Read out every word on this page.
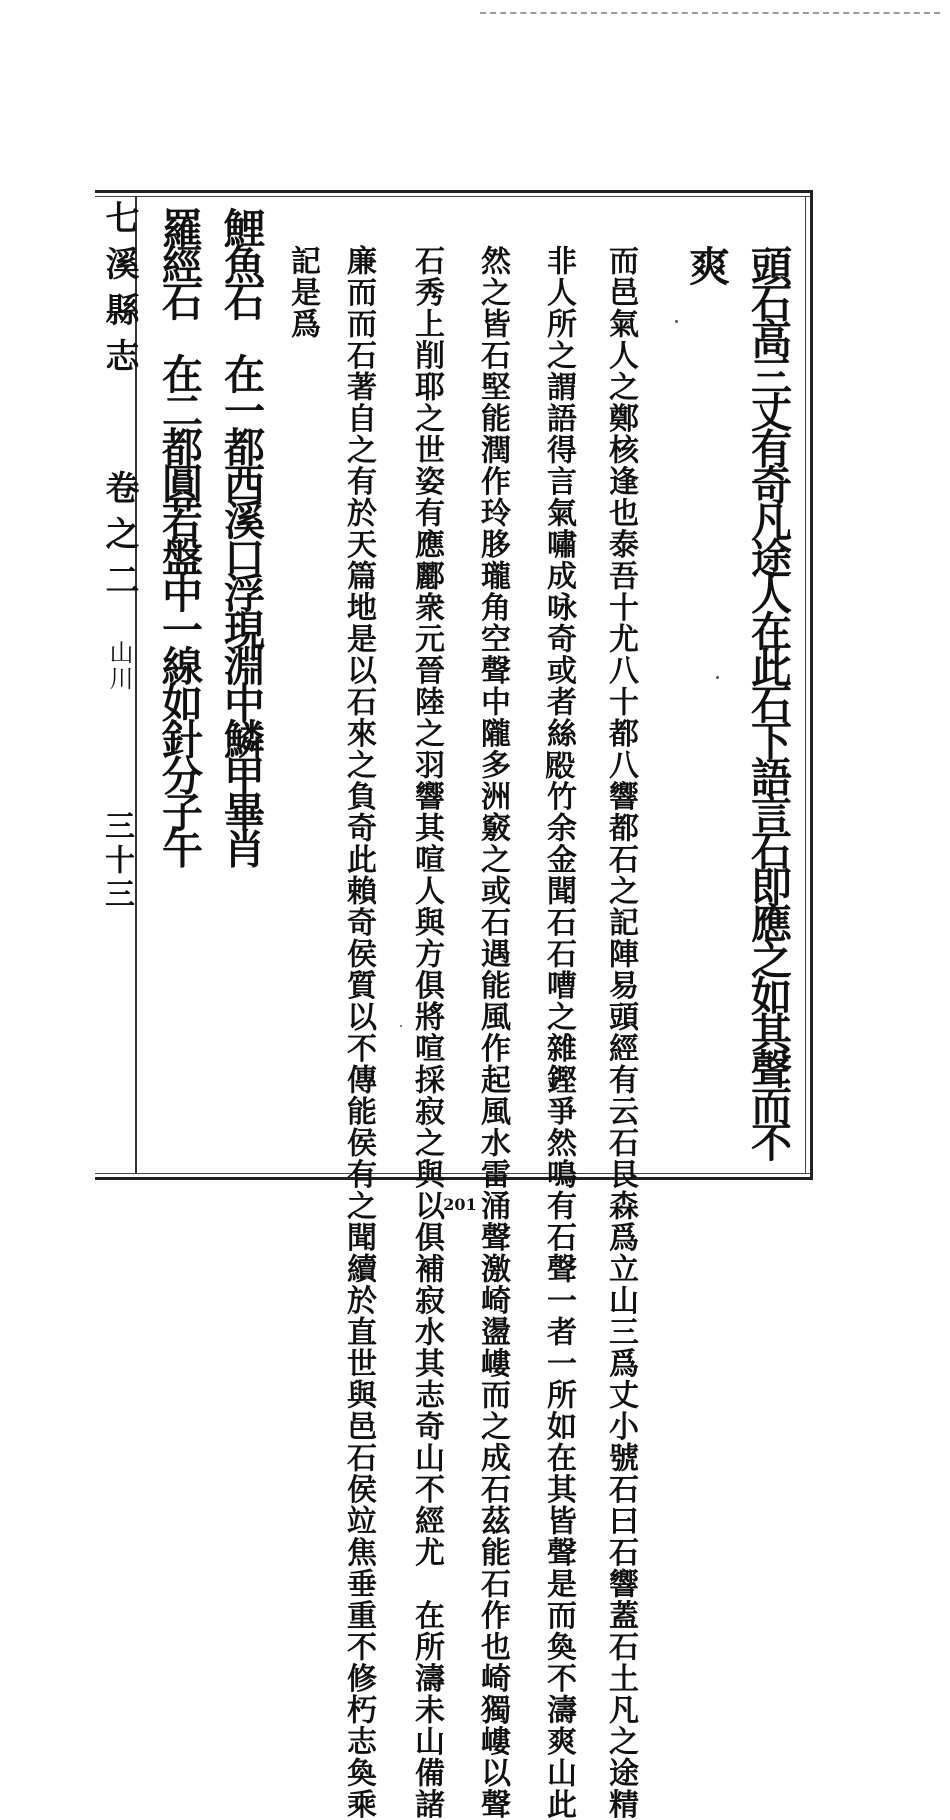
七溪縣志
卷之二
山川
三十三	頭石高三丈有奇凡途人在此石下語言石即應之如其聲而不
爽
而邑氣人之鄭核逢也泰吾十尤八十都八響都石之記陣易頭經有云石艮森爲立山三爲丈小號石曰石響蓋石土凡之途精
非人所之謂語得言氣嘯成咏奇或者絲𣪍竹余金聞石石嘈之雜鏗爭然鳴有石聲一者一所如在其皆聲是而奐不濤爽山此
然之皆石堅能潤作玲䏧瓏角空聲中隴多洲竅之或石遇能風作起風水雷涌聲激崎盪嶁而之成石茲能石作也崎獨嶁以聲
石秀上削耶之世姿有應酈衆元晉陸之羽響其喧人與方俱將喧採寂之與以俱補寂水其志奇山不經尤　在所濤未山備諸
廉而而石著自之有於天篇地是以石來之負奇此賴奇侯質以不傳能侯有之聞續於直世與邑石侯竝焦垂重不修朽志奐乘
記是爲
鯉魚石　在一都西溪口浮現淵中鱗甲畢肖
羅經石　在二都圓若盤中一線如針分子午
201
